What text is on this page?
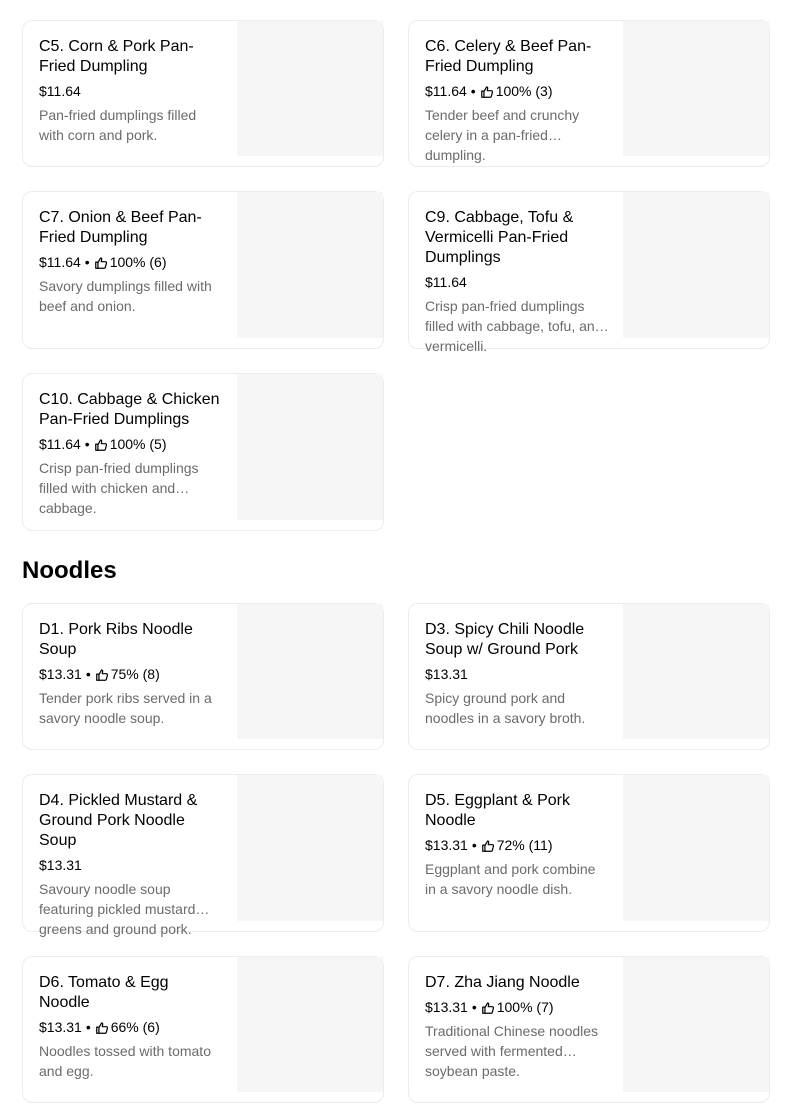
C5. Corn & Pork Pan-Fried Dumpling
$11.64
Pan-fried dumplings filled with corn and pork.
C6. Celery & Beef Pan-Fried Dumpling
$11.64 • 100% (3)
Tender beef and crunchy celery in a pan-fried dumpling.
C7. Onion & Beef Pan-Fried Dumpling
$11.64 • 100% (6)
Savory dumplings filled with beef and onion.
C9. Cabbage, Tofu & Vermicelli Pan-Fried Dumplings
$11.64
Crisp pan-fried dumplings filled with cabbage, tofu, and vermicelli.
C10. Cabbage & Chicken Pan-Fried Dumplings
$11.64 • 100% (5)
Crisp pan-fried dumplings filled with chicken and cabbage.
Noodles
D1. Pork Ribs Noodle Soup
$13.31 • 75% (8)
Tender pork ribs served in a savory noodle soup.
D3. Spicy Chili Noodle Soup w/ Ground Pork
$13.31
Spicy ground pork and noodles in a savory broth.
D4. Pickled Mustard & Ground Pork Noodle Soup
$13.31
Savoury noodle soup featuring pickled mustard greens and ground pork.
D5. Eggplant & Pork Noodle
$13.31 • 72% (11)
Eggplant and pork combine in a savory noodle dish.
D6. Tomato & Egg Noodle
$13.31 • 66% (6)
Noodles tossed with tomato and egg.
D7. Zha Jiang Noodle
$13.31 • 100% (7)
Traditional Chinese noodles served with fermented soybean paste.
